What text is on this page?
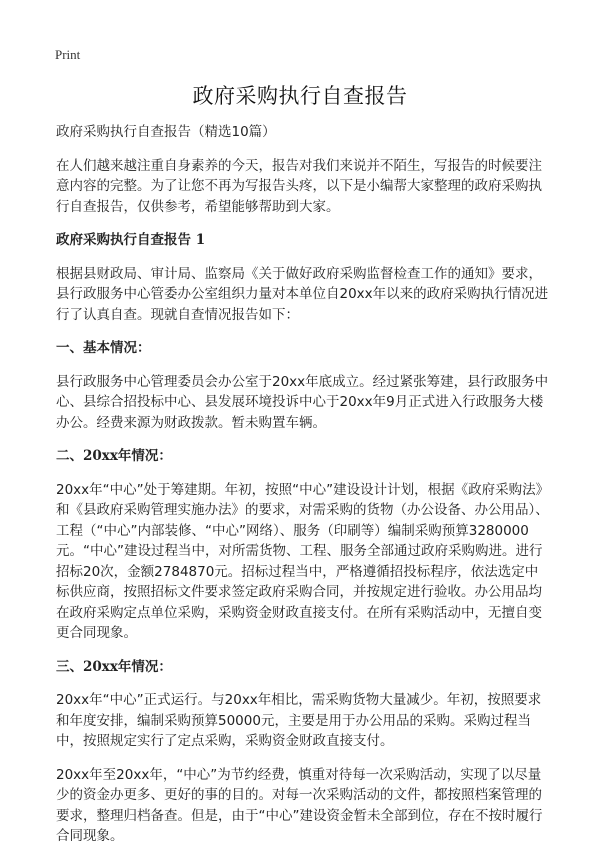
Print
政府采购执行自查报告

政府采购执行自查报告（精选10篇）

在人们越来越注重自身素养的今天，报告对我们来说并不陌生，写报告的时候要注意内容的完整。为了让您不再为写报告头疼，以下是小编帮大家整理的政府采购执行自查报告，仅供参考，希望能够帮助到大家。

政府采购执行自查报告 1

根据县财政局、审计局、监察局《关于做好政府采购监督检查工作的通知》要求，县行政服务中心管委办公室组织力量对本单位自20xx年以来的政府采购执行情况进行了认真自查。现就自查情况报告如下：

一、基本情况：

县行政服务中心管理委员会办公室于20xx年底成立。经过紧张筹建，县行政服务中心、县综合招投标中心、县发展环境投诉中心于20xx年9月正式进入行政服务大楼办公。经费来源为财政拨款。暂未购置车辆。

二、20xx年情况：

20xx年“中心”处于筹建期。年初，按照“中心”建设设计计划，根据《政府采购法》和《县政府采购管理实施办法》的要求，对需采购的货物（办公设备、办公用品）、工程（“中心”内部装修、“中心”网络）、服务（印刷等）编制采购预算3280000元。“中心”建设过程当中，对所需货物、工程、服务全部通过政府采购购进。进行招标20次，金额2784870元。招标过程当中，严格遵循招投标程序，依法选定中标供应商，按照招标文件要求签定政府采购合同，并按规定进行验收。办公用品均在政府采购定点单位采购，采购资金财政直接支付。在所有采购活动中，无擅自变更合同现象。

三、20xx年情况：

20xx年“中心”正式运行。与20xx年相比，需采购货物大量减少。年初，按照要求和年度安排，编制采购预算50000元，主要是用于办公用品的采购。采购过程当中，按照规定实行了定点采购，采购资金财政直接支付。

20xx年至20xx年，“中心”为节约经费，慎重对待每一次采购活动，实现了以尽量少的资金办更多、更好的事的目的。对每一次采购活动的文件，都按照档案管理的要求，整理归档备查。但是，由于“中心”建设资金暂未全部到位，存在不按时履行合同现象。
